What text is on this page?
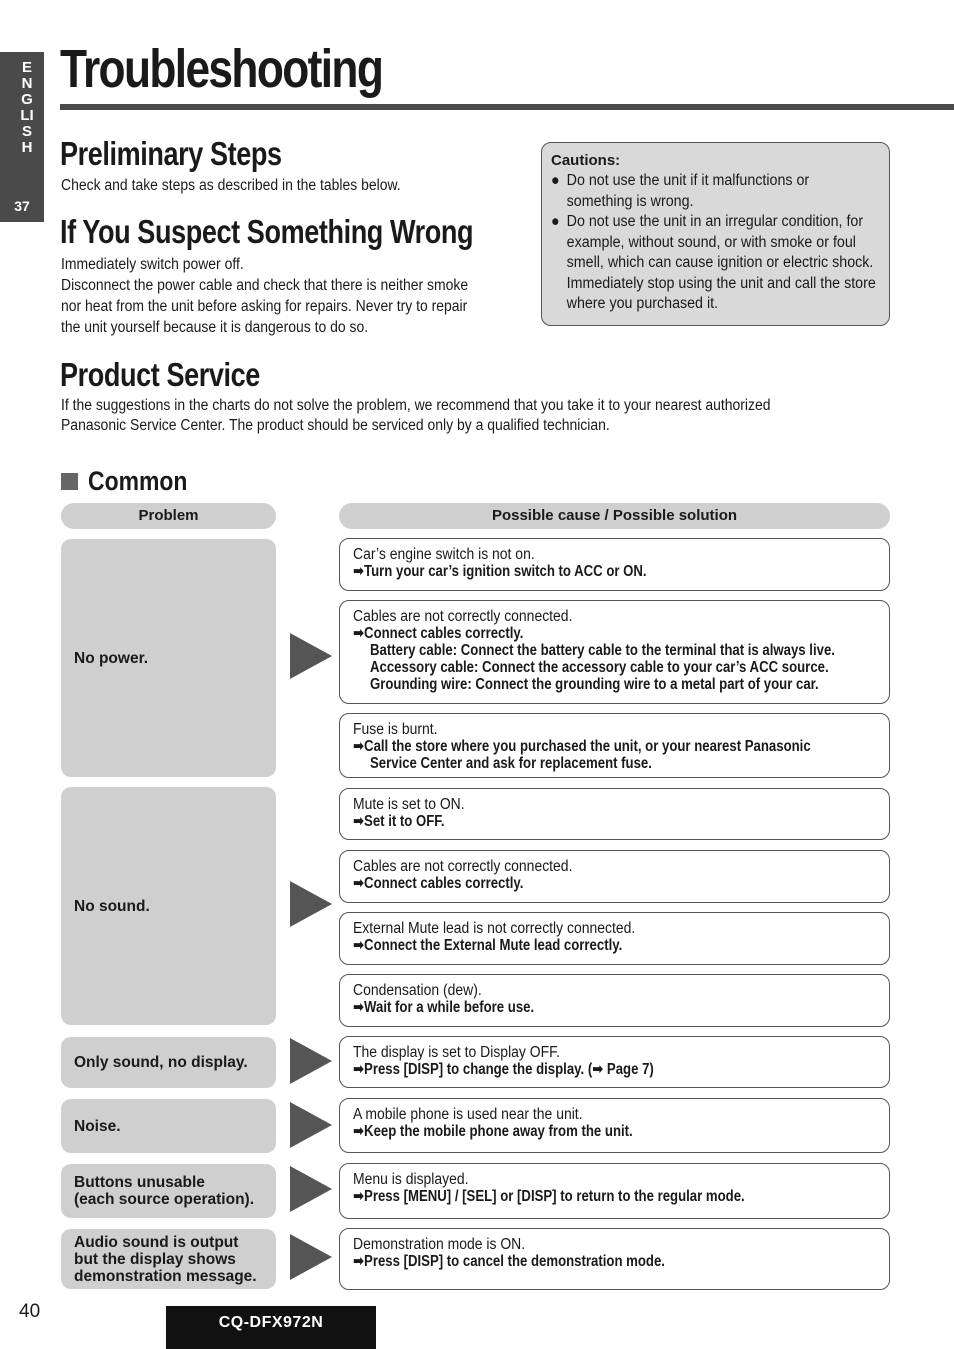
ENGLISH
37
Troubleshooting
Preliminary Steps
Check and take steps as described in the tables below.
If You Suspect Something Wrong
Immediately switch power off.
Disconnect the power cable and check that there is neither smoke
nor heat from the unit before asking for repairs. Never try to repair
the unit yourself because it is dangerous to do so.
Cautions:
● Do not use the unit if it malfunctions or something is wrong.
● Do not use the unit in an irregular condition, for example, without sound, or with smoke or foul smell, which can cause ignition or electric shock. Immediately stop using the unit and call the store where you purchased it.
Product Service
If the suggestions in the charts do not solve the problem, we recommend that you take it to your nearest authorized
Panasonic Service Center. The product should be serviced only by a qualified technician.
Common
Problem	Possible cause / Possible solution
No power.
No sound.
Only sound, no display.
Noise.
Buttons unusable
(each source operation).
Audio sound is output
but the display shows
demonstration message.
Car’s engine switch is not on.
➡Turn your car’s ignition switch to ACC or ON.
Cables are not correctly connected.
➡Connect cables correctly.
Battery cable: Connect the battery cable to the terminal that is always live.
Accessory cable: Connect the accessory cable to your car’s ACC source.
Grounding wire: Connect the grounding wire to a metal part of your car.
Fuse is burnt.
➡Call the store where you purchased the unit, or your nearest Panasonic
Service Center and ask for replacement fuse.
Mute is set to ON.
➡Set it to OFF.
Cables are not correctly connected.
➡Connect cables correctly.
External Mute lead is not correctly connected.
➡Connect the External Mute lead correctly.
Condensation (dew).
➡Wait for a while before use.
The display is set to Display OFF.
➡Press [DISP] to change the display. (➡ Page 7)
A mobile phone is used near the unit.
➡Keep the mobile phone away from the unit.
Menu is displayed.
➡Press [MENU] / [SEL] or [DISP] to return to the regular mode.
Demonstration mode is ON.
➡Press [DISP] to cancel the demonstration mode.
40
CQ-DFX972N
